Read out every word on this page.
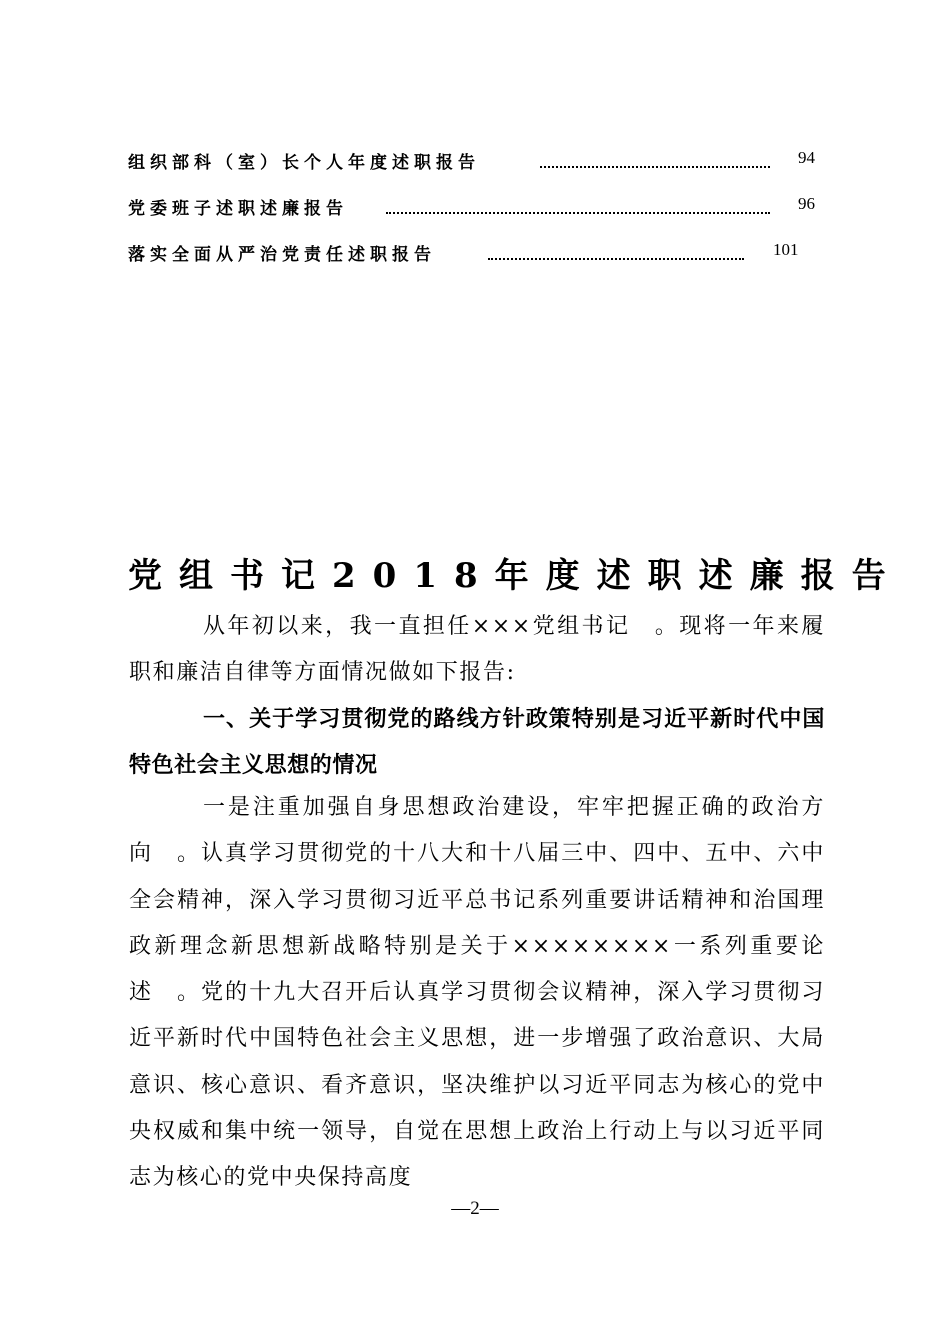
组织部科（室）长个人年度述职报告	94
党委班子述职述廉报告	96
落实全面从严治党责任述职报告	101
党组书记2018年度述职述廉报告

从年初以来，我一直担任×××党组书记　。现将一年来履职和廉洁自律等方面情况做如下报告:

一、关于学习贯彻党的路线方针政策特别是习近平新时代中国特色社会主义思想的情况

一是注重加强自身思想政治建设，牢牢把握正确的政治方向　。认真学习贯彻党的十八大和十八届三中、四中、五中、六中全会精神，深入学习贯彻习近平总书记系列重要讲话精神和治国理政新理念新思想新战略特别是关于××××××××一系列重要论述　。党的十九大召开后认真学习贯彻会议精神，深入学习贯彻习近平新时代中国特色社会主义思想，进一步增强了政治意识、大局意识、核心意识、看齐意识，坚决维护以习近平同志为核心的党中央权威和集中统一领导，自觉在思想上政治上行动上与以习近平同志为核心的党中央保持高度

—2—
